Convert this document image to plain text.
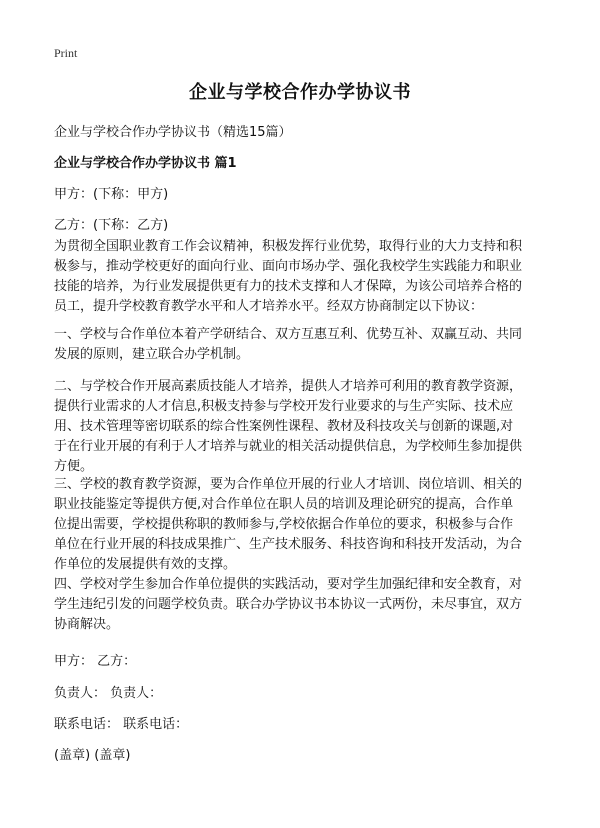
Print
企业与学校合作办学协议书
企业与学校合作办学协议书（精选15篇）
企业与学校合作办学协议书 篇1
甲方：(下称：甲方)
乙方：(下称：乙方)
为贯彻全国职业教育工作会议精神，积极发挥行业优势，取得行业的大力支持和积
极参与，推动学校更好的面向行业、面向市场办学、强化我校学生实践能力和职业
技能的培养，为行业发展提供更有力的技术支撑和人才保障，为该公司培养合格的
员工，提升学校教育教学水平和人才培养水平。经双方协商制定以下协议：
一、学校与合作单位本着产学研结合、双方互惠互利、优势互补、双赢互动、共同
发展的原则，建立联合办学机制。
二、与学校合作开展高素质技能人才培养，提供人才培养可利用的教育教学资源，
提供行业需求的人才信息,积极支持参与学校开发行业要求的与生产实际、技术应
用、技术管理等密切联系的综合性案例性课程、教材及科技攻关与创新的课题,对
于在行业开展的有利于人才培养与就业的相关活动提供信息，为学校师生参加提供
方便。
三、学校的教育教学资源，要为合作单位开展的行业人才培训、岗位培训、相关的
职业技能鉴定等提供方便,对合作单位在职人员的培训及理论研究的提高，合作单
位提出需要，学校提供称职的教师参与,学校依据合作单位的要求，积极参与合作
单位在行业开展的科技成果推广、生产技术服务、科技咨询和科技开发活动，为合
作单位的发展提供有效的支撑。
四、学校对学生参加合作单位提供的实践活动，要对学生加强纪律和安全教育，对
学生违纪引发的问题学校负责。联合办学协议书本协议一式两份，未尽事宜，双方
协商解决。
甲方： 乙方：
负责人： 负责人：
联系电话： 联系电话：
(盖章) (盖章)
